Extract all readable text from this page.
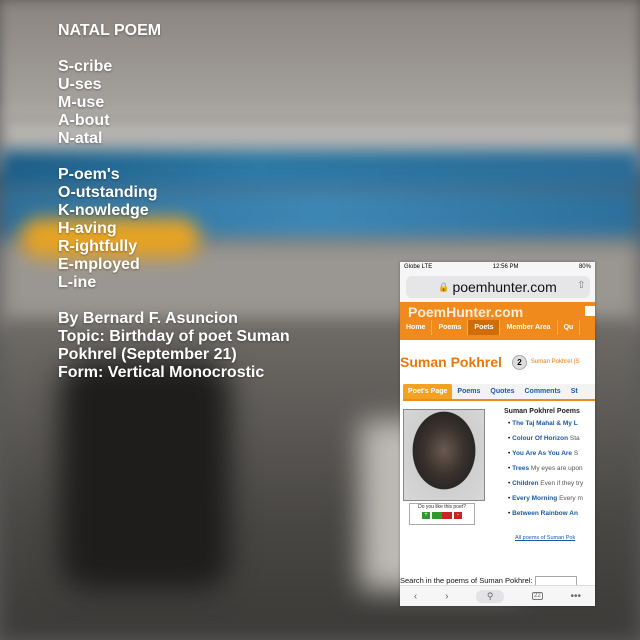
NATAL POEM
S-cribe
U-ses
M-use
A-bout
N-atal
P-oem's
O-utstanding
K-nowledge
H-aving
R-ightfully
E-mployed
L-ine
By Bernard F. Asuncion
Topic: Birthday of poet Suman
Pokhrel (September 21)
Form: Vertical Monocrostic
Globe LTE	12:56 PM	80%
🔒 poemhunter.com ⇧
PoemHunter.com
Home	Poems	Poets	Member Area	Qu
Suman Pokhrel	2	Suman Pokhrel (S
Poet's Page	Poems	Quotes	Comments	St
Do you like this poet?
+	-
Suman Pokhrel Poems
• The Taj Mahal & My L
• Colour Of Horizon Sta
• You Are As You Are S
• Trees My eyes are upon
• Children Even if they try
• Every Morning Every m
• Between Rainbow An
All poems of Suman Pok
Search in the poems of Suman Pokhrel:
‹	›	⚲	22	•••
